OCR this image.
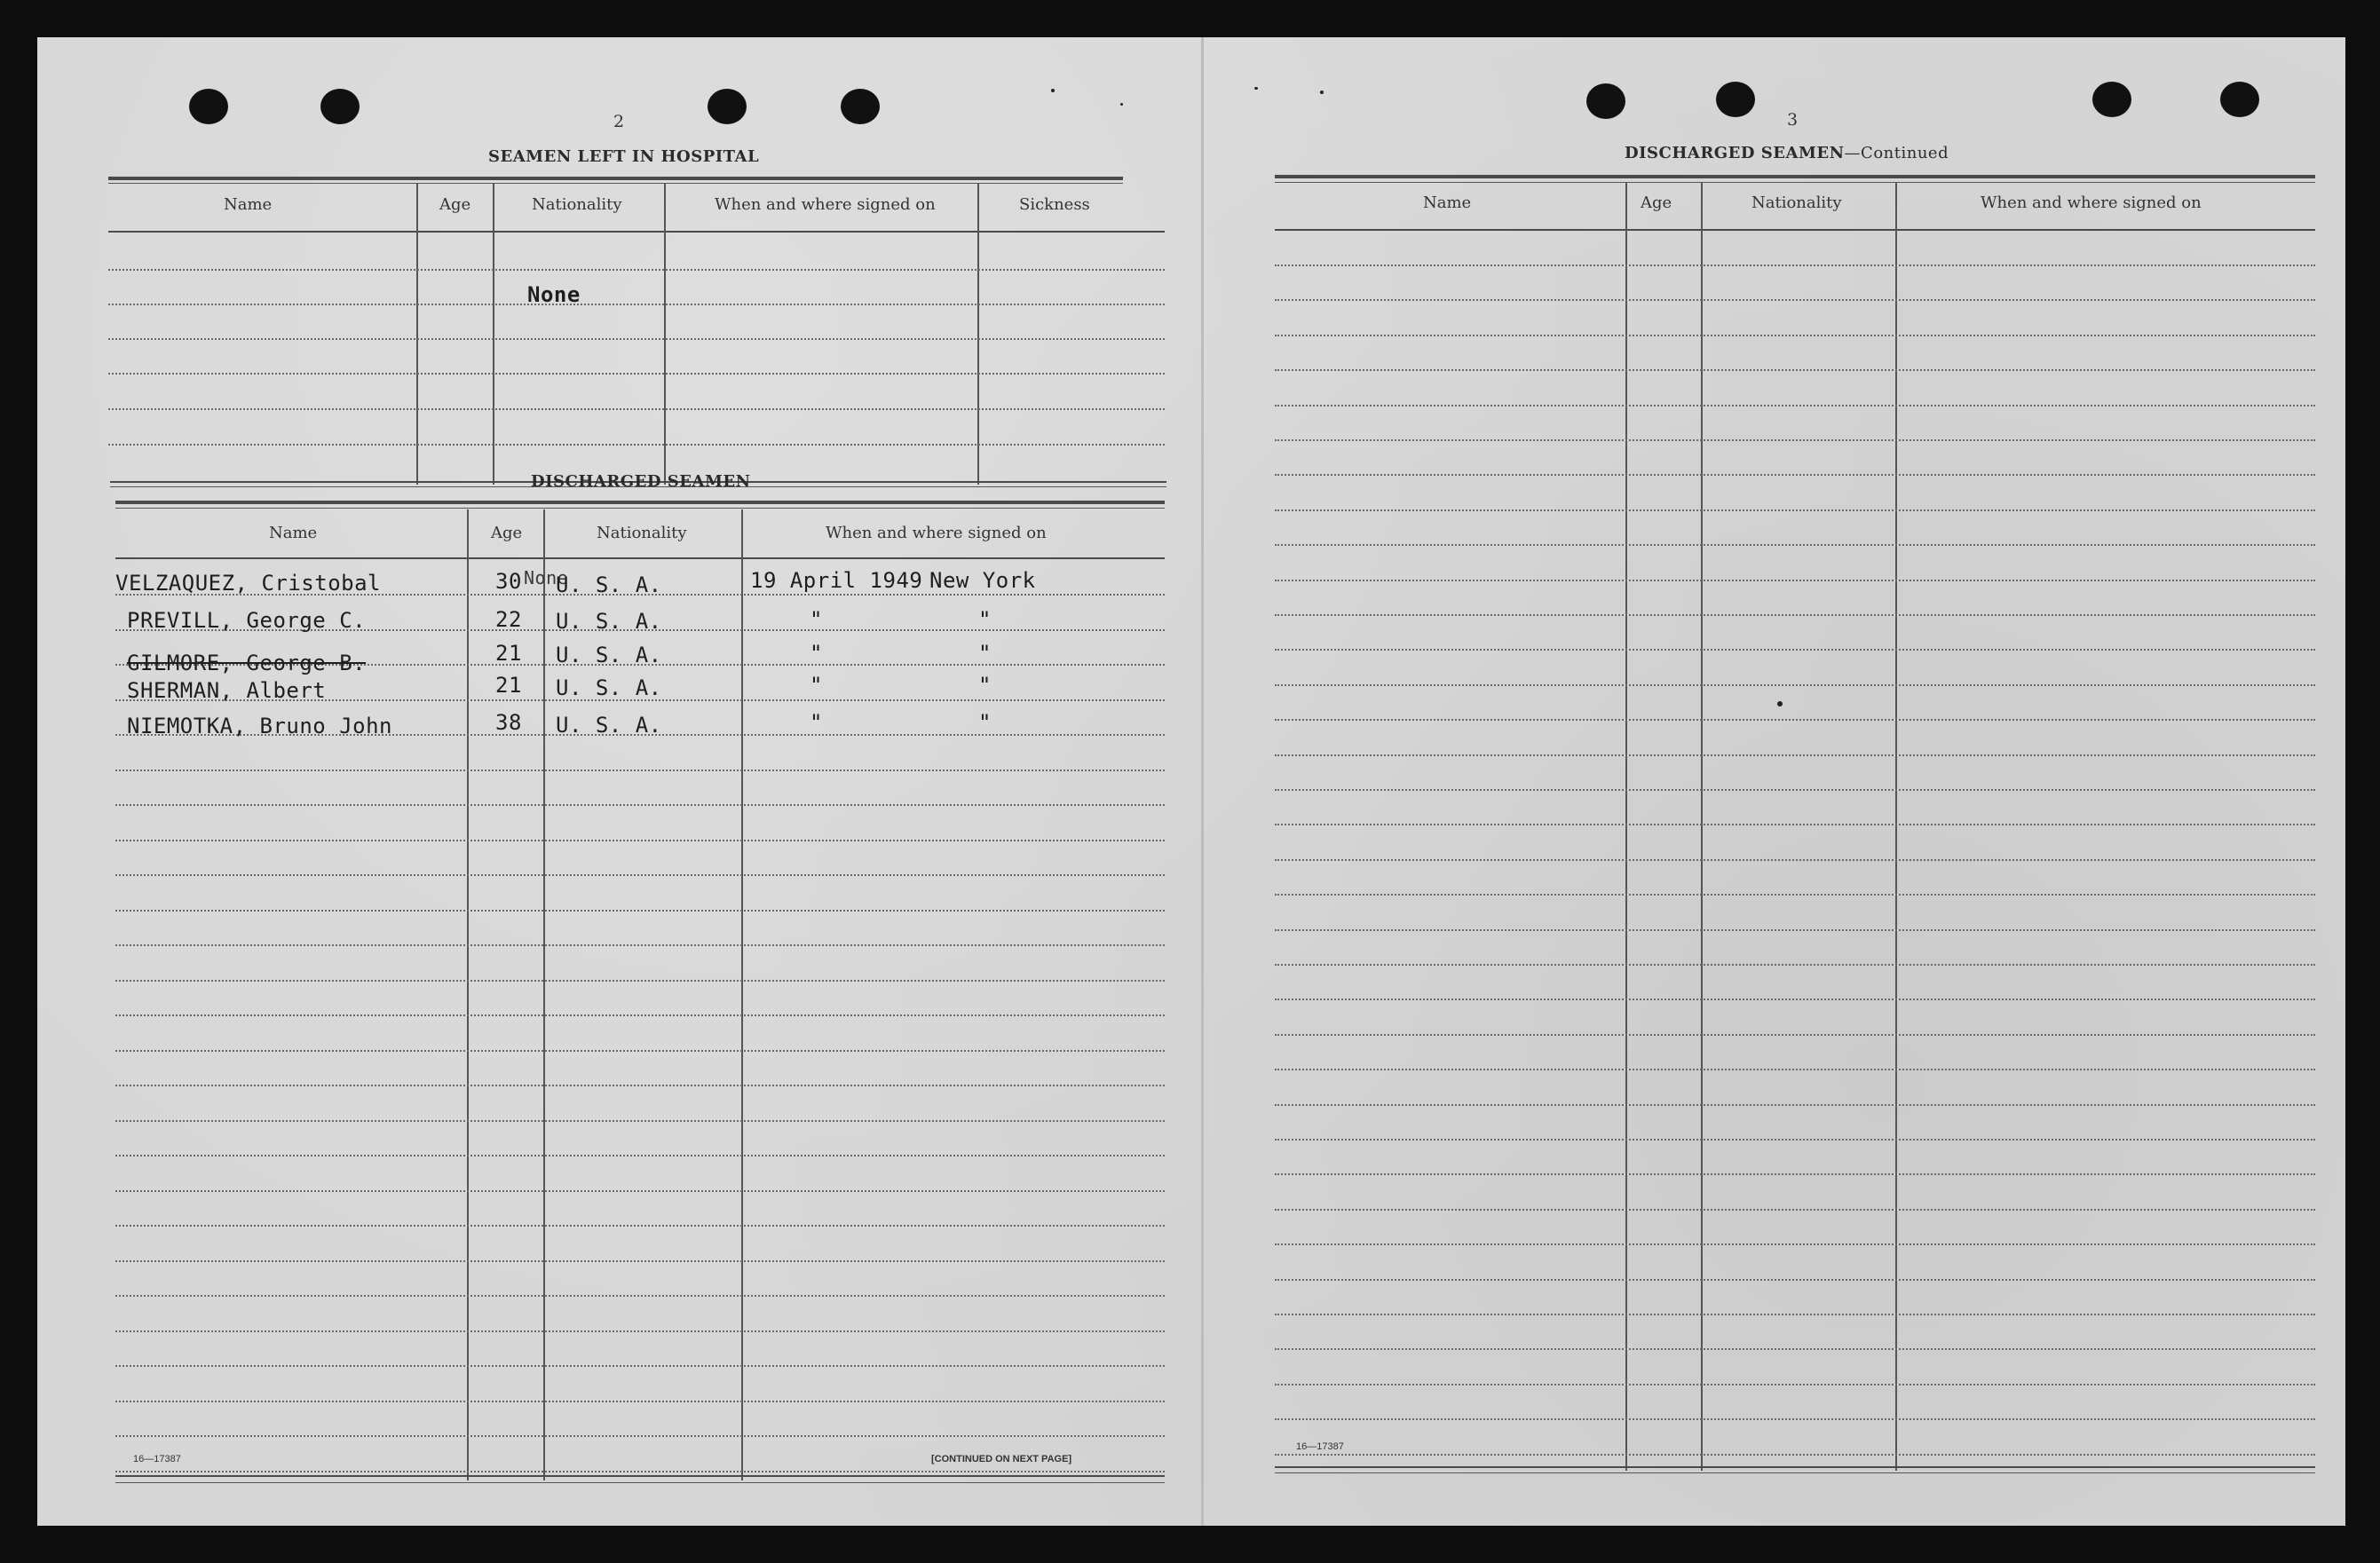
2
SEAMEN LEFT IN HOSPITAL
Name	Age	Nationality	When and where signed on	Sickness
None
DISCHARGED SEAMEN
Name	Age	Nationality	When and where signed on
None
VELZAQUEZ, Cristobal	30 U. S. A.	19 April 1949 New York
PREVILL, George C.	22 U. S. A.	"	"
GILMORE, George B.	21 U. S. A.	"	"
SHERMAN, Albert	21 U. S. A.	"	"
NIEMOTKA, Bruno John	38 U. S. A.	"	"
16—17387	[CONTINUED ON NEXT PAGE]
3
DISCHARGED SEAMEN—Continued
Name	Age	Nationality	When and where signed on
16—17387
